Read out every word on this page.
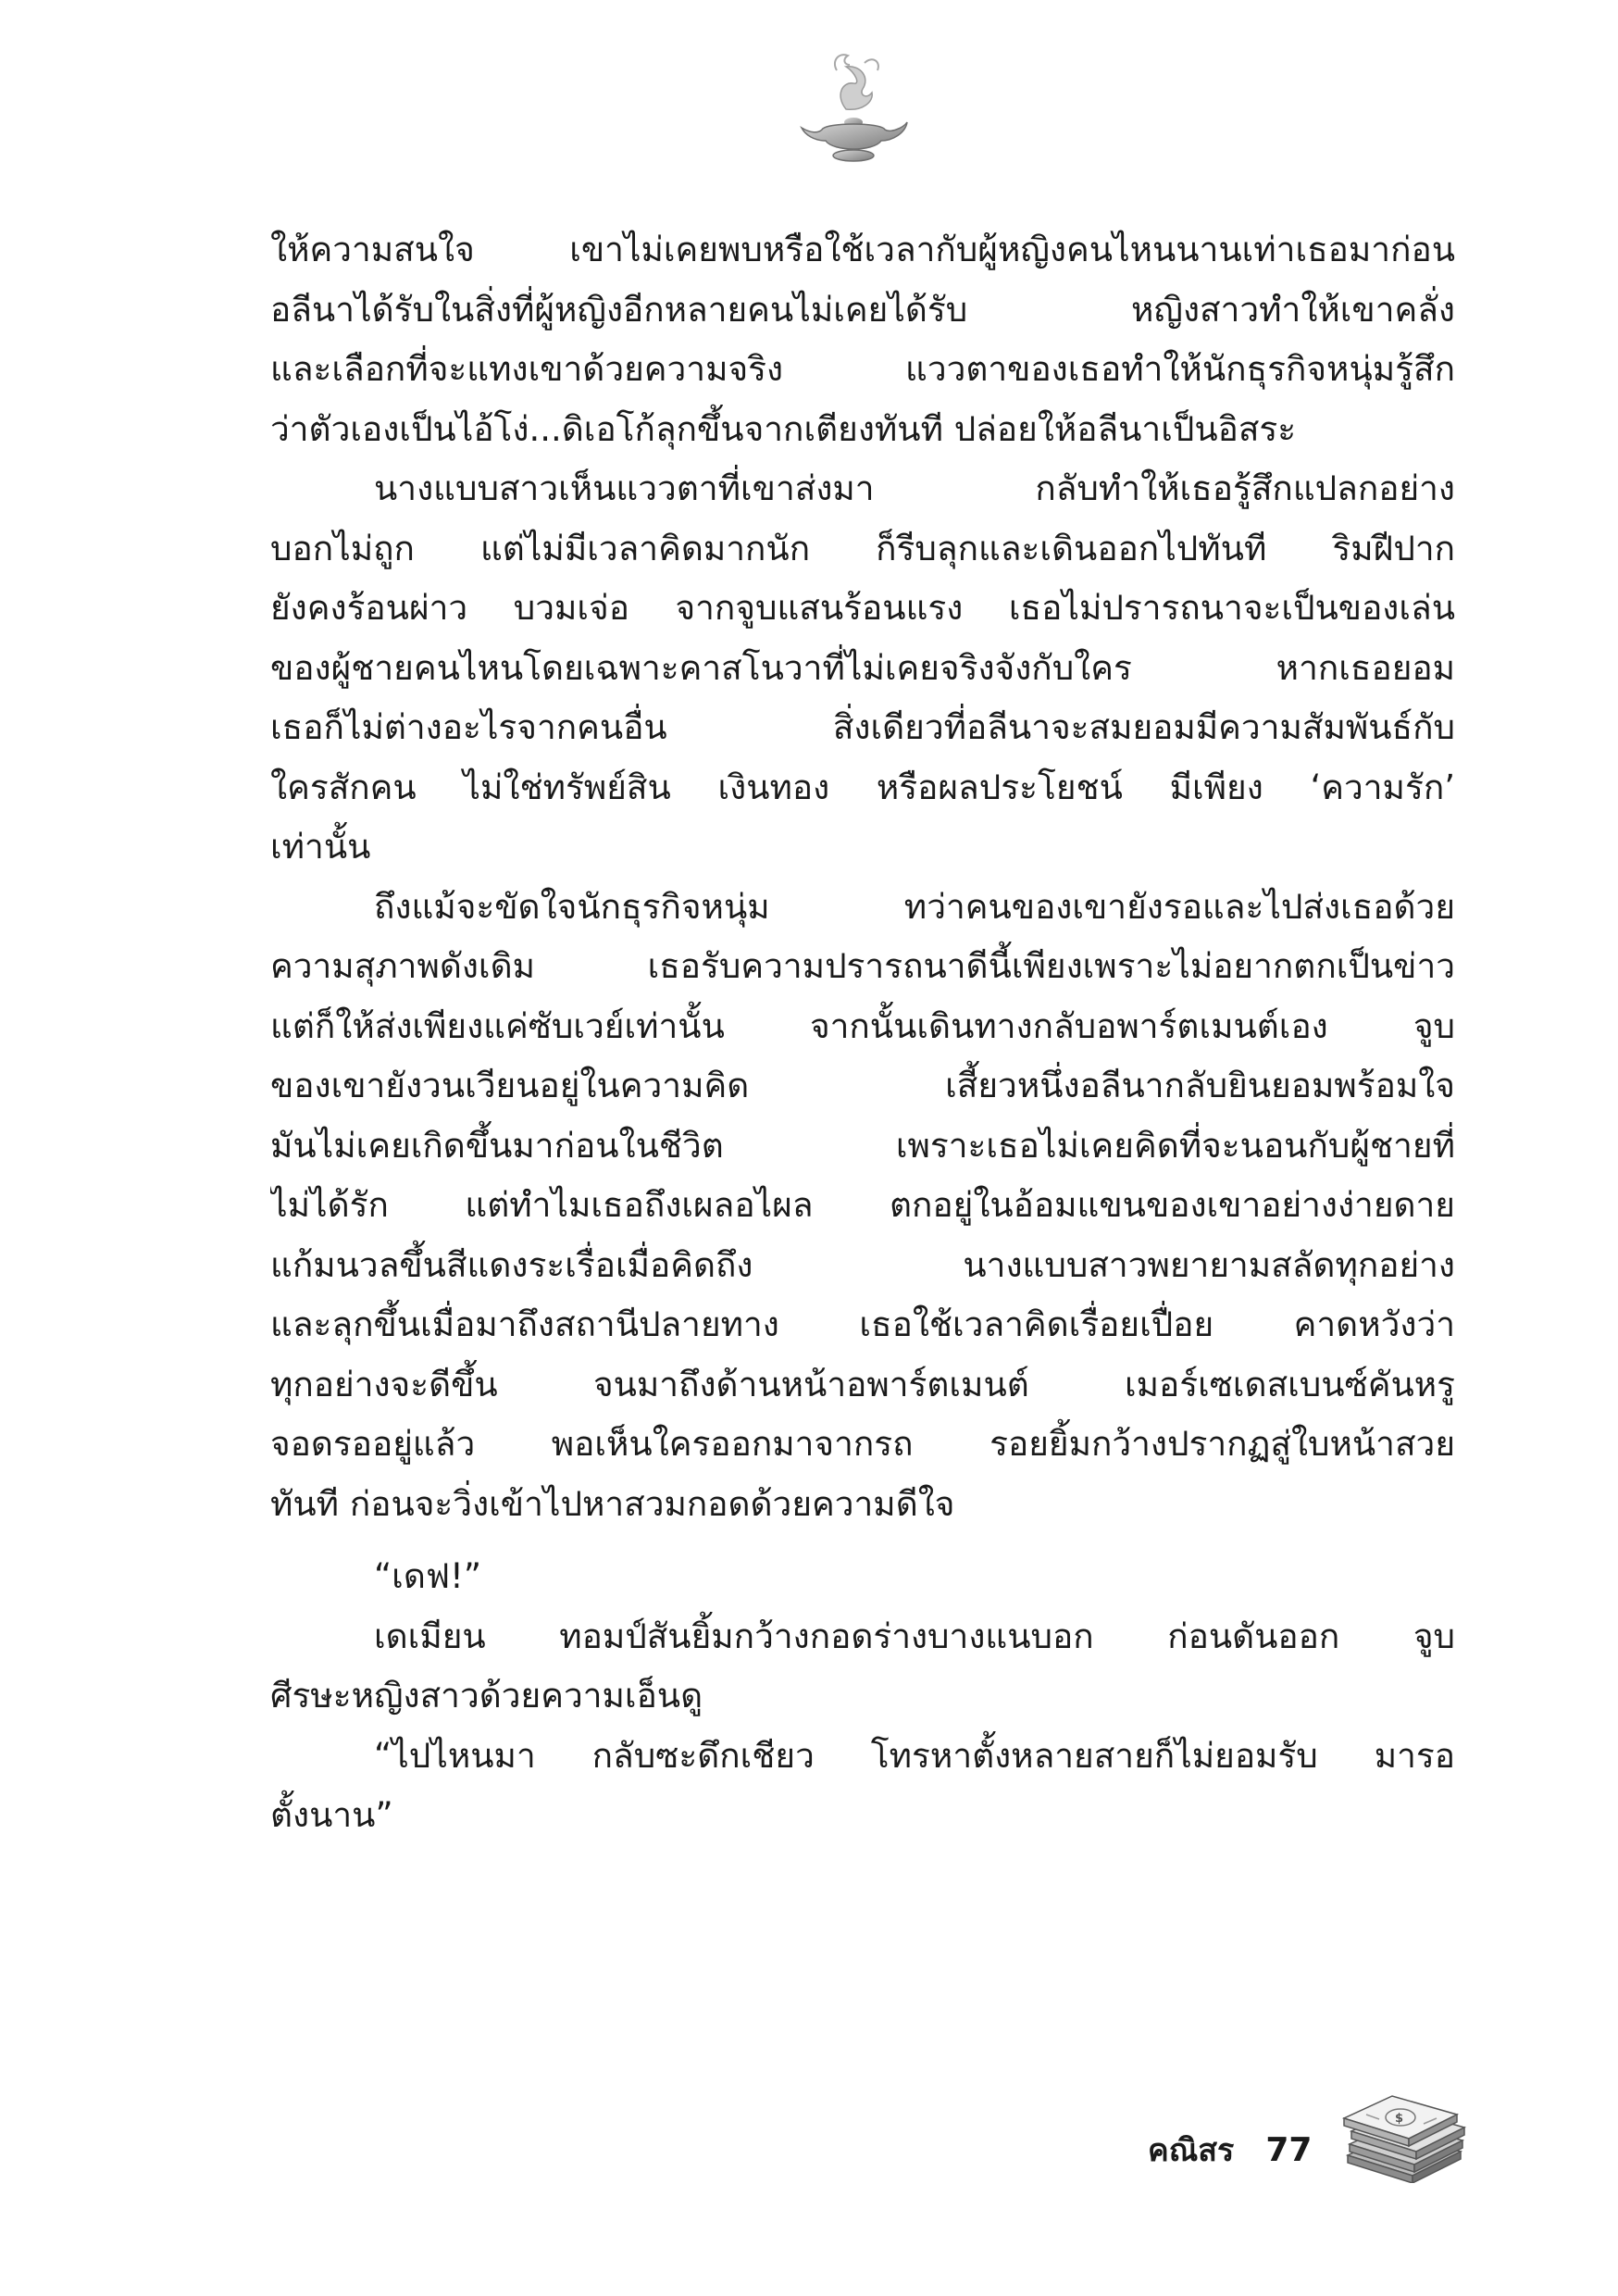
ให้ความสนใจ เขาไม่เคยพบหรือใช้เวลากับผู้หญิงคนไหนนานเท่าเธอมาก่อน
อลีนาได้รับในสิ่งที่ผู้หญิงอีกหลายคนไม่เคยได้รับ หญิงสาวทำให้เขาคลั่ง
และเลือกที่จะแทงเขาด้วยความจริง แววตาของเธอทำให้นักธุรกิจหนุ่มรู้สึก
ว่าตัวเองเป็นไอ้โง่...ดิเอโก้ลุกขึ้นจากเตียงทันที ปล่อยให้อลีนาเป็นอิสระ
นางแบบสาวเห็นแววตาที่เขาส่งมา กลับทำให้เธอรู้สึกแปลกอย่าง
บอกไม่ถูก แต่ไม่มีเวลาคิดมากนัก ก็รีบลุกและเดินออกไปทันที ริมฝีปาก
ยังคงร้อนผ่าว บวมเจ่อ จากจูบแสนร้อนแรง เธอไม่ปรารถนาจะเป็นของเล่น
ของผู้ชายคนไหนโดยเฉพาะคาสโนวาที่ไม่เคยจริงจังกับใคร หากเธอยอม
เธอก็ไม่ต่างอะไรจากคนอื่น สิ่งเดียวที่อลีนาจะสมยอมมีความสัมพันธ์กับ
ใครสักคน ไม่ใช่ทรัพย์สิน เงินทอง หรือผลประโยชน์ มีเพียง ‘ความรัก’
เท่านั้น
ถึงแม้จะขัดใจนักธุรกิจหนุ่ม ทว่าคนของเขายังรอและไปส่งเธอด้วย
ความสุภาพดังเดิม เธอรับความปรารถนาดีนี้เพียงเพราะไม่อยากตกเป็นข่าว
แต่ก็ให้ส่งเพียงแค่ซับเวย์เท่านั้น จากนั้นเดินทางกลับอพาร์ตเมนต์เอง จูบ
ของเขายังวนเวียนอยู่ในความคิด เสี้ยวหนึ่งอลีนากลับยินยอมพร้อมใจ
มันไม่เคยเกิดขึ้นมาก่อนในชีวิต เพราะเธอไม่เคยคิดที่จะนอนกับผู้ชายที่
ไม่ได้รัก แต่ทำไมเธอถึงเผลอไผล ตกอยู่ในอ้อมแขนของเขาอย่างง่ายดาย
แก้มนวลขึ้นสีแดงระเรื่อเมื่อคิดถึง นางแบบสาวพยายามสลัดทุกอย่าง
และลุกขึ้นเมื่อมาถึงสถานีปลายทาง เธอใช้เวลาคิดเรื่อยเปื่อย คาดหวังว่า
ทุกอย่างจะดีขึ้น จนมาถึงด้านหน้าอพาร์ตเมนต์ เมอร์เซเดสเบนซ์คันหรู
จอดรออยู่แล้ว พอเห็นใครออกมาจากรถ รอยยิ้มกว้างปรากฏสู่ใบหน้าสวย
ทันที ก่อนจะวิ่งเข้าไปหาสวมกอดด้วยความดีใจ
“เดฟ!”
เดเมียน ทอมป์สันยิ้มกว้างกอดร่างบางแนบอก ก่อนดันออก จูบ
ศีรษะหญิงสาวด้วยความเอ็นดู
“ไปไหนมา กลับซะดึกเชียว โทรหาตั้งหลายสายก็ไม่ยอมรับ มารอ
ตั้งนาน”
คณิสร 77
$
